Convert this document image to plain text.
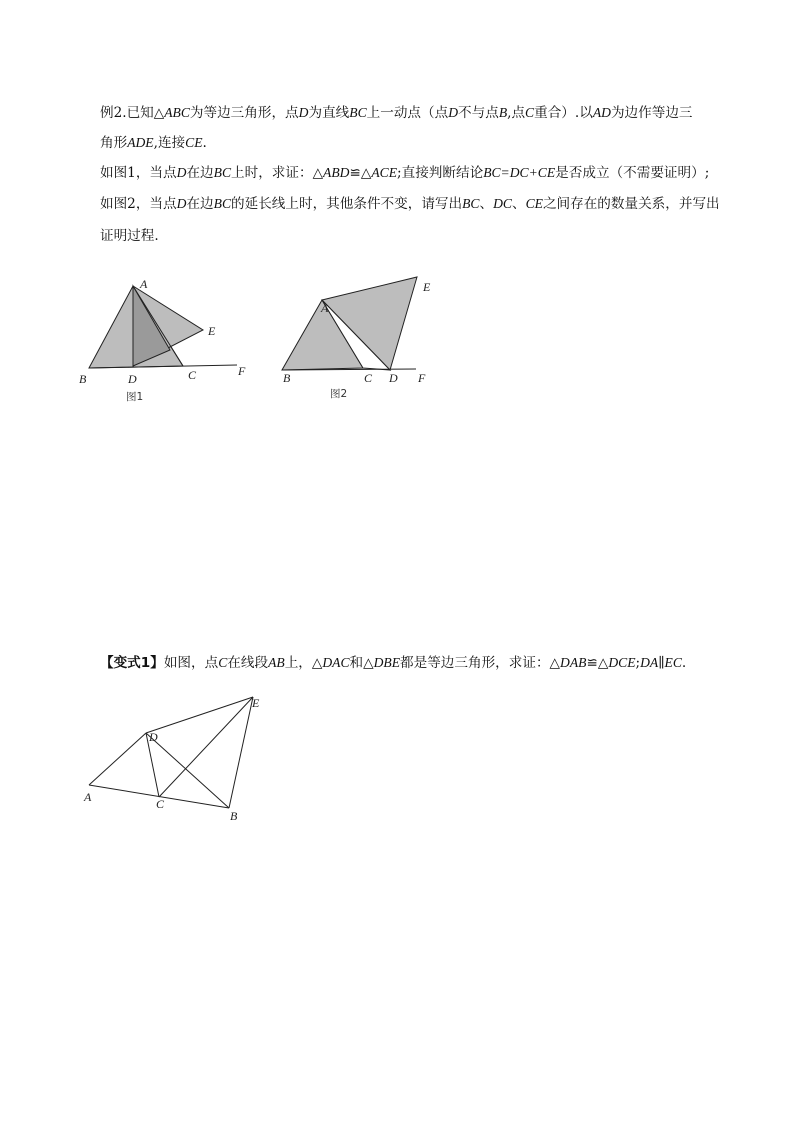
例2.已知△ABC为等边三角形，点D为直线BC上一动点（点D不与点B,点C重合）.以AD为边作等边三
角形ADE,连接CE.
如图1，当点D在边BC上时，求证：△ABD≌△ACE;直接判断结论BC=DC+CE是否成立（不需要证明）;
如图2，当点D在边BC的延长线上时，其他条件不变，请写出BC、DC、CE之间存在的数量关系，并写出
证明过程.
A
B	D	C
E
F
图1
A
E
B	C D F
图2
【变式1】如图，点C在线段AB上，△DAC和△DBE都是等边三角形，求证：△DAB≌△DCE;DA∥EC.
E
D
A	C
B
